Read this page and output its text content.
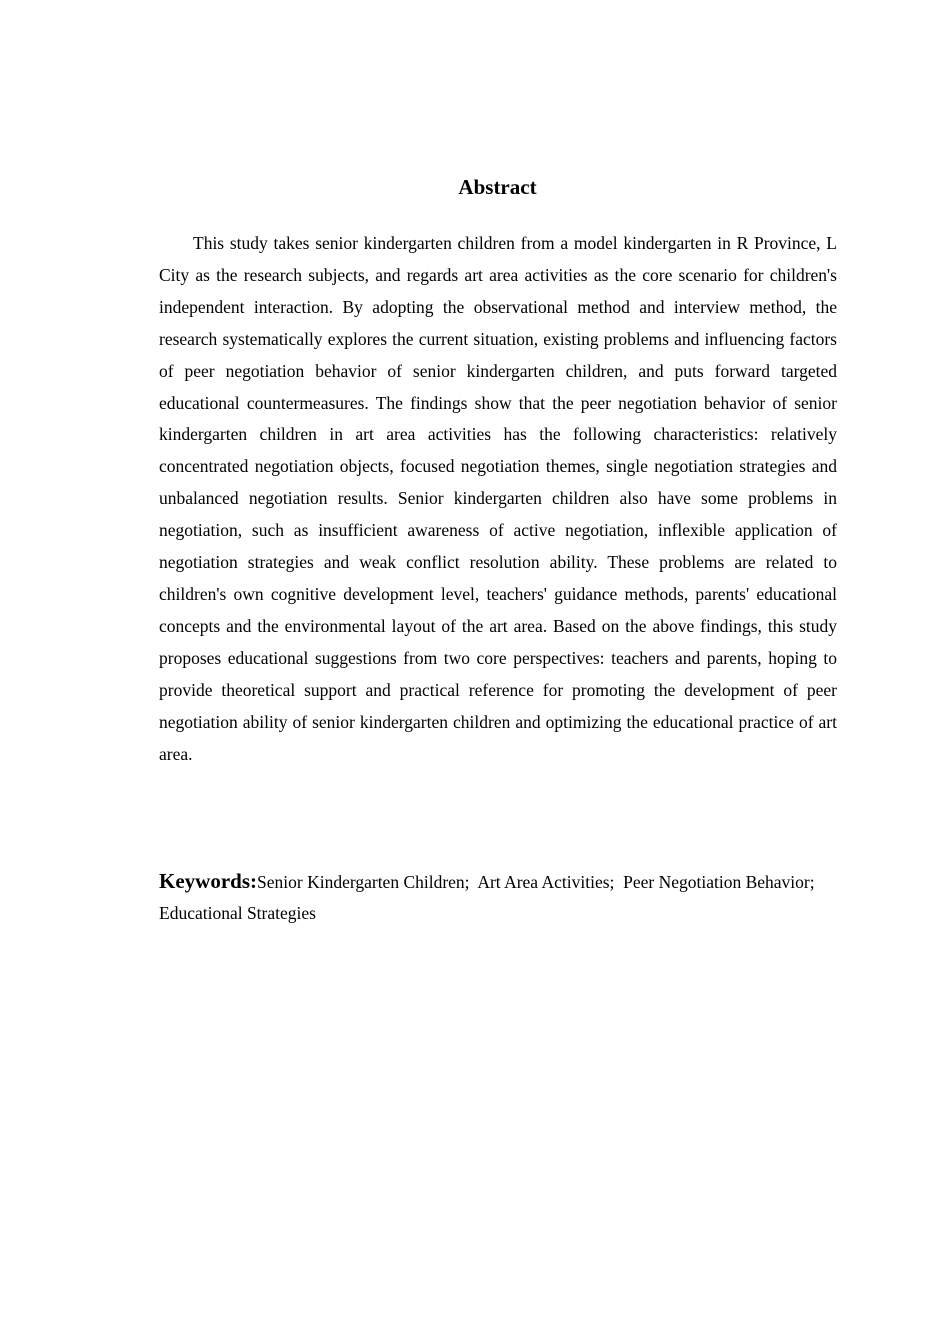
Abstract

This study takes senior kindergarten children from a model kindergarten in R Province, L City as the research subjects, and regards art area activities as the core scenario for children's independent interaction. By adopting the observational method and interview method, the research systematically explores the current situation, existing problems and influencing factors of peer negotiation behavior of senior kindergarten children, and puts forward targeted educational countermeasures. The findings show that the peer negotiation behavior of senior kindergarten children in art area activities has the following characteristics: relatively concentrated negotiation objects, focused negotiation themes, single negotiation strategies and unbalanced negotiation results. Senior kindergarten children also have some problems in negotiation, such as insufficient awareness of active negotiation, inflexible application of negotiation strategies and weak conflict resolution ability. These problems are related to children's own cognitive development level, teachers' guidance methods, parents' educational concepts and the environmental layout of the art area. Based on the above findings, this study proposes educational suggestions from two core perspectives: teachers and parents, hoping to provide theoretical support and practical reference for promoting the development of peer negotiation ability of senior kindergarten children and optimizing the educational practice of art area.

Keywords:Senior Kindergarten Children;  Art Area Activities;  Peer Negotiation Behavior;  Educational Strategies
